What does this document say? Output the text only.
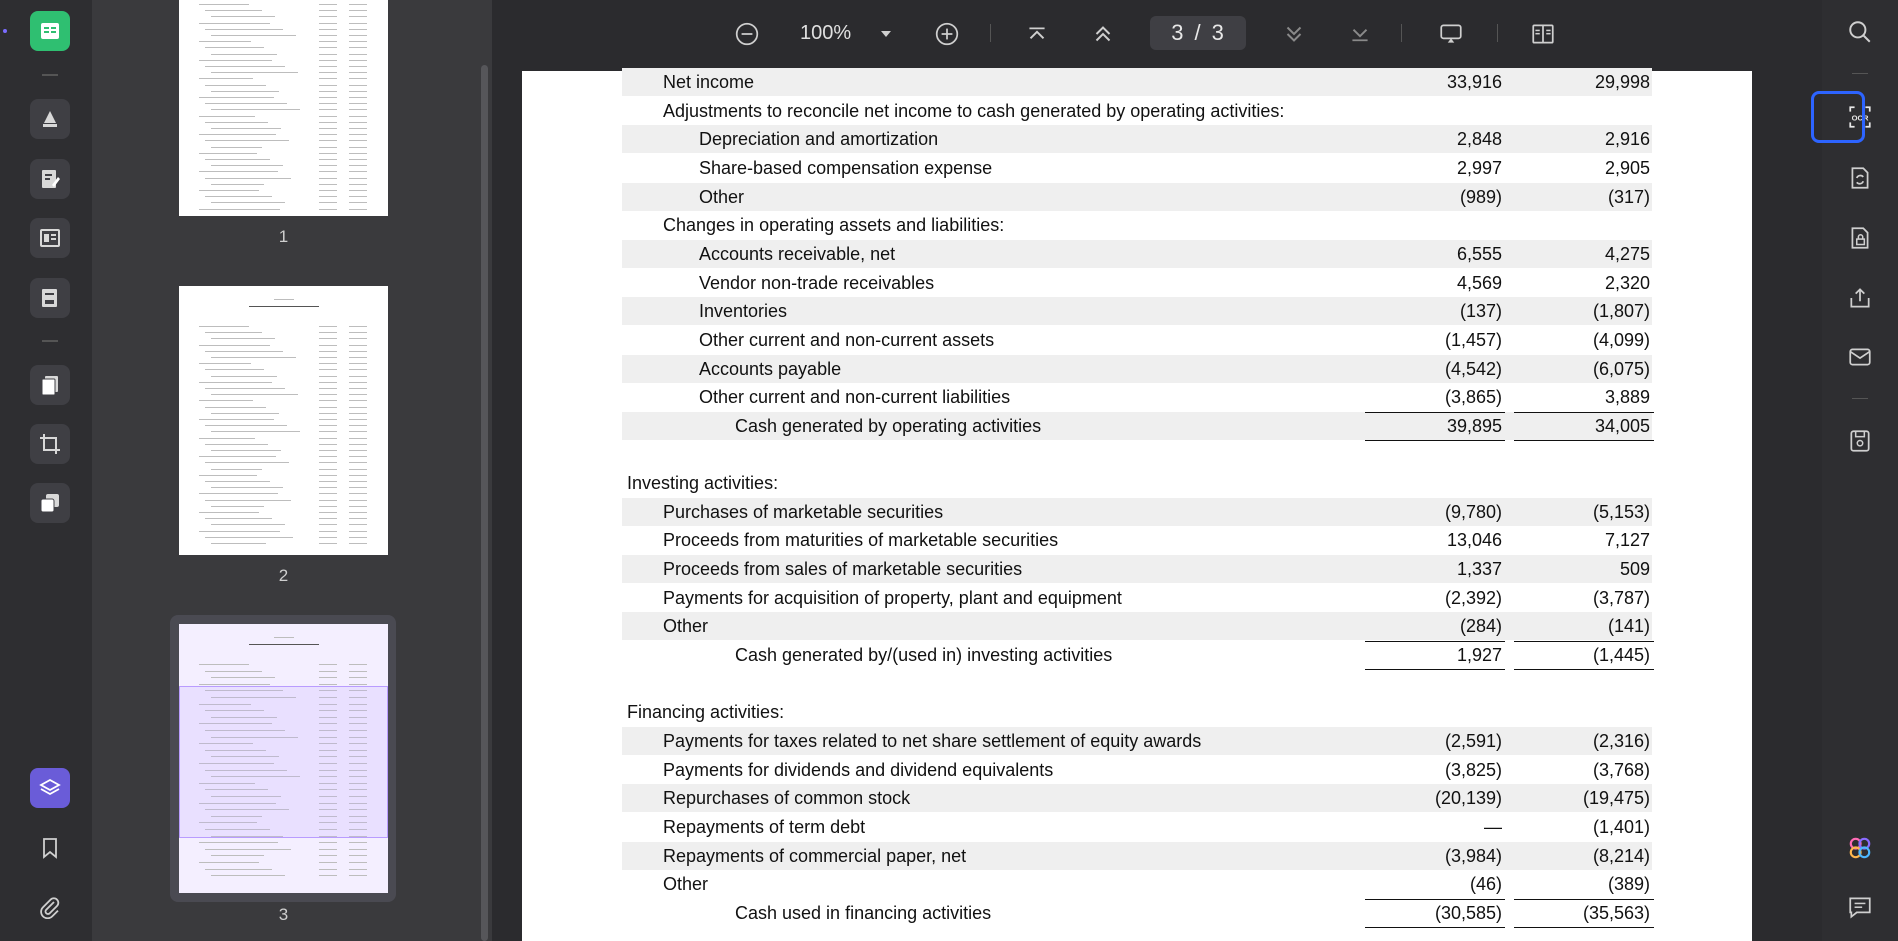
1
2
3
100%	3 / 3
Net income	33,916	29,998
Adjustments to reconcile net income to cash generated by operating activities:
Depreciation and amortization	2,848	2,916
Share-based compensation expense	2,997	2,905
Other	(989)	(317)
Changes in operating assets and liabilities:
Accounts receivable, net	6,555	4,275
Vendor non-trade receivables	4,569	2,320
Inventories	(137)	(1,807)
Other current and non-current assets	(1,457)	(4,099)
Accounts payable	(4,542)	(6,075)
Other current and non-current liabilities	(3,865)	3,889
Cash generated by operating activities	39,895	34,005
Investing activities:
Purchases of marketable securities	(9,780)	(5,153)
Proceeds from maturities of marketable securities	13,046	7,127
Proceeds from sales of marketable securities	1,337	509
Payments for acquisition of property, plant and equipment	(2,392)	(3,787)
Other	(284)	(141)
Cash generated by/(used in) investing activities	1,927	(1,445)
Financing activities:
Payments for taxes related to net share settlement of equity awards	(2,591)	(2,316)
Payments for dividends and dividend equivalents	(3,825)	(3,768)
Repurchases of common stock	(20,139)	(19,475)
Repayments of term debt	—	(1,401)
Repayments of commercial paper, net	(3,984)	(8,214)
Other	(46)	(389)
Cash used in financing activities	(30,585)	(35,563)
OCR
